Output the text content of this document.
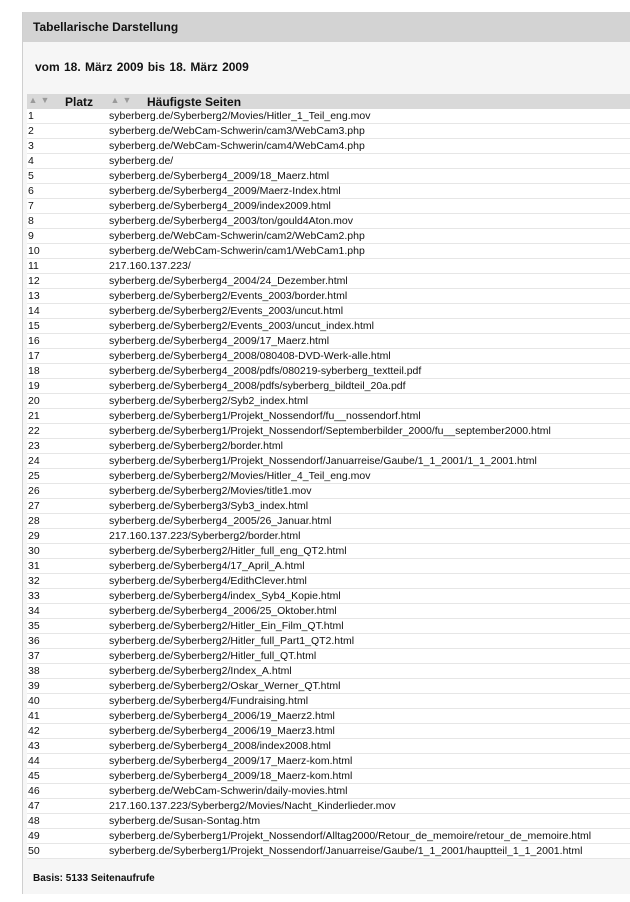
Tabellarische Darstellung
vom 18. März 2009 bis 18. März 2009
▲ ▼ Platz ▲ ▼ Häufigste Seiten
1	syberberg.de/Syberberg2/Movies/Hitler_1_Teil_eng.mov
2	syberberg.de/WebCam-Schwerin/cam3/WebCam3.php
3	syberberg.de/WebCam-Schwerin/cam4/WebCam4.php
4	syberberg.de/
5	syberberg.de/Syberberg4_2009/18_Maerz.html
6	syberberg.de/Syberberg4_2009/Maerz-Index.html
7	syberberg.de/Syberberg4_2009/index2009.html
8	syberberg.de/Syberberg4_2003/ton/gould4Aton.mov
9	syberberg.de/WebCam-Schwerin/cam2/WebCam2.php
10	syberberg.de/WebCam-Schwerin/cam1/WebCam1.php
11	217.160.137.223/
12	syberberg.de/Syberberg4_2004/24_Dezember.html
13	syberberg.de/Syberberg2/Events_2003/border.html
14	syberberg.de/Syberberg2/Events_2003/uncut.html
15	syberberg.de/Syberberg2/Events_2003/uncut_index.html
16	syberberg.de/Syberberg4_2009/17_Maerz.html
17	syberberg.de/Syberberg4_2008/080408-DVD-Werk-alle.html
18	syberberg.de/Syberberg4_2008/pdfs/080219-syberberg_textteil.pdf
19	syberberg.de/Syberberg4_2008/pdfs/syberberg_bildteil_20a.pdf
20	syberberg.de/Syberberg2/Syb2_index.html
21	syberberg.de/Syberberg1/Projekt_Nossendorf/fu__nossendorf.html
22	syberberg.de/Syberberg1/Projekt_Nossendorf/Septemberbilder_2000/fu__september2000.html
23	syberberg.de/Syberberg2/border.html
24	syberberg.de/Syberberg1/Projekt_Nossendorf/Januarreise/Gaube/1_1_2001/1_1_2001.html
25	syberberg.de/Syberberg2/Movies/Hitler_4_Teil_eng.mov
26	syberberg.de/Syberberg2/Movies/title1.mov
27	syberberg.de/Syberberg3/Syb3_index.html
28	syberberg.de/Syberberg4_2005/26_Januar.html
29	217.160.137.223/Syberberg2/border.html
30	syberberg.de/Syberberg2/Hitler_full_eng_QT2.html
31	syberberg.de/Syberberg4/17_April_A.html
32	syberberg.de/Syberberg4/EdithClever.html
33	syberberg.de/Syberberg4/index_Syb4_Kopie.html
34	syberberg.de/Syberberg4_2006/25_Oktober.html
35	syberberg.de/Syberberg2/Hitler_Ein_Film_QT.html
36	syberberg.de/Syberberg2/Hitler_full_Part1_QT2.html
37	syberberg.de/Syberberg2/Hitler_full_QT.html
38	syberberg.de/Syberberg2/Index_A.html
39	syberberg.de/Syberberg2/Oskar_Werner_QT.html
40	syberberg.de/Syberberg4/Fundraising.html
41	syberberg.de/Syberberg4_2006/19_Maerz2.html
42	syberberg.de/Syberberg4_2006/19_Maerz3.html
43	syberberg.de/Syberberg4_2008/index2008.html
44	syberberg.de/Syberberg4_2009/17_Maerz-kom.html
45	syberberg.de/Syberberg4_2009/18_Maerz-kom.html
46	syberberg.de/WebCam-Schwerin/daily-movies.html
47	217.160.137.223/Syberberg2/Movies/Nacht_Kinderlieder.mov
48	syberberg.de/Susan-Sontag.htm
49	syberberg.de/Syberberg1/Projekt_Nossendorf/Alltag2000/Retour_de_memoire/retour_de_memoire.html
50	syberberg.de/Syberberg1/Projekt_Nossendorf/Januarreise/Gaube/1_1_2001/hauptteil_1_1_2001.html
Basis: 5133 Seitenaufrufe
